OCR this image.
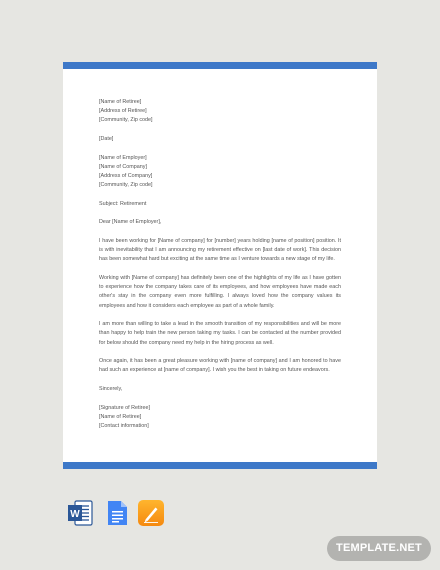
[Name of Retiree]
[Address of Retiree]
[Community, Zip code]

[Date]

[Name of Employer]
[Name of Company]
[Address of Company]
[Community, Zip code]

Subject: Retirement

Dear [Name of Employer],

I have been working for [Name of company] for [number] years holding [name of position] position. It is with inevitability that I am announcing my retirement effective on [last date of work]. This decision has been somewhat hard but exciting at the same time as I venture towards a new stage of my life.

Working with [Name of company] has definitely been one of the highlights of my life as I have gotten to experience how the company takes care of its employees, and how employees have made each other's stay in the company even more fulfilling. I always loved how the company values its employees and how it considers each employee as part of a whole family.

I am more than willing to take a lead in the smooth transition of my responsibilities and will be more than happy to help train the new person taking my tasks. I can be contacted at the number provided for below should the company need my help in the hiring process as well.

Once again, it has been a great pleasure working with [name of company] and I am honored to have had such an experience at [name of company]. I wish you the best in taking on future endeavors.

Sincerely,

[Signature of Retiree]
[Name of Retiree]
[Contact information]

W
TEMPLATE.NET
